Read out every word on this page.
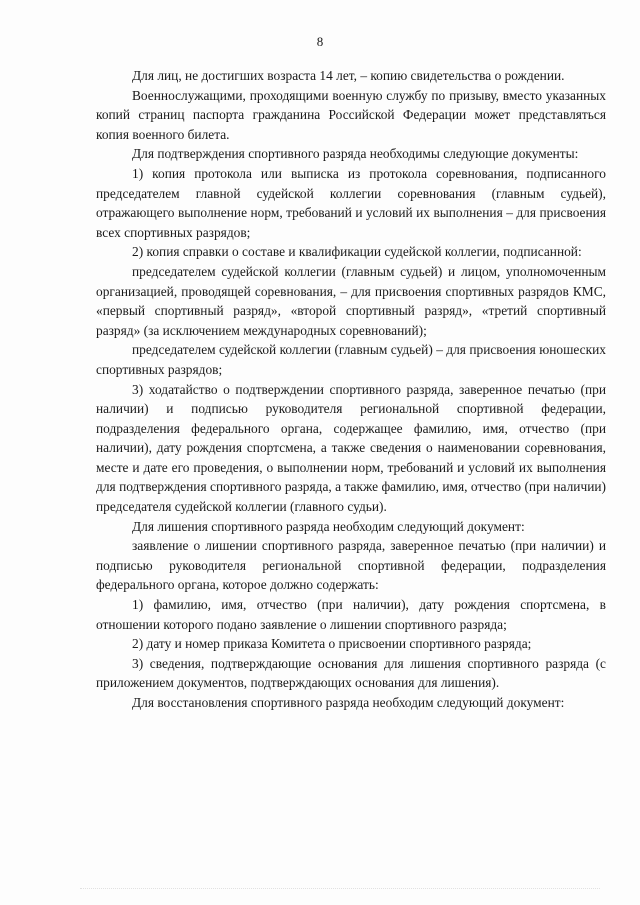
8

Для лиц, не достигших возраста 14 лет, – копию свидетельства о рождении.

Военнослужащими, проходящими военную службу по призыву, вместо указанных копий страниц паспорта гражданина Российской Федерации может представляться копия военного билета.

Для подтверждения спортивного разряда необходимы следующие документы:

1) копия протокола или выписка из протокола соревнования, подписанного председателем главной судейской коллегии соревнования (главным судьей), отражающего выполнение норм, требований и условий их выполнения – для присвоения всех спортивных разрядов;

2) копия справки о составе и квалификации судейской коллегии, подписанной:

председателем судейской коллегии (главным судьей) и лицом, уполномоченным организацией, проводящей соревнования, – для присвоения спортивных разрядов КМС, «первый спортивный разряд», «второй спортивный разряд», «третий спортивный разряд» (за исключением международных соревнований);

председателем судейской коллегии (главным судьей) – для присвоения юношеских спортивных разрядов;

3) ходатайство о подтверждении спортивного разряда, заверенное печатью (при наличии) и подписью руководителя региональной спортивной федерации, подразделения федерального органа, содержащее фамилию, имя, отчество (при наличии), дату рождения спортсмена, а также сведения о наименовании соревнования, месте и дате его проведения, о выполнении норм, требований и условий их выполнения для подтверждения спортивного разряда, а также фамилию, имя, отчество (при наличии) председателя судейской коллегии (главного судьи).

Для лишения спортивного разряда необходим следующий документ:

заявление о лишении спортивного разряда, заверенное печатью (при наличии) и подписью руководителя региональной спортивной федерации, подразделения федерального органа, которое должно содержать:

1) фамилию, имя, отчество (при наличии), дату рождения спортсмена, в отношении которого подано заявление о лишении спортивного разряда;

2) дату и номер приказа Комитета о присвоении спортивного разряда;

3) сведения, подтверждающие основания для лишения спортивного разряда (с приложением документов, подтверждающих основания для лишения).

Для восстановления спортивного разряда необходим следующий документ:
